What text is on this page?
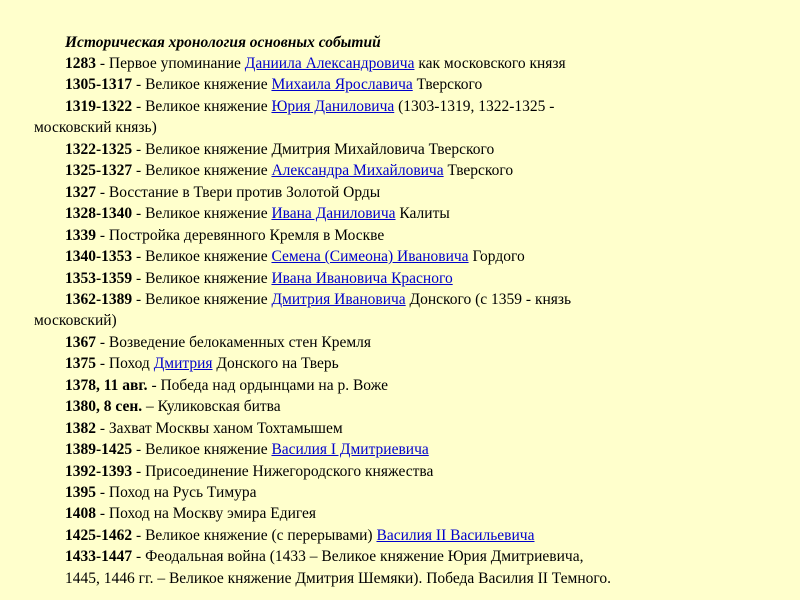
Историческая хронология основных событий
1283 - Первое упоминание Даниила Александровича как московского князя
1305-1317 - Великое княжение Михаила Ярославича Тверского
1319-1322 - Великое княжение Юрия Даниловича (1303-1319, 1322-1325 -
московский князь)
1322-1325 - Великое княжение Дмитрия Михайловича Тверского
1325-1327 - Великое княжение Александра Михайловича Тверского
1327 - Восстание в Твери против Золотой Орды
1328-1340 - Великое княжение Ивана Даниловича Калиты
1339 - Постройка деревянного Кремля в Москве
1340-1353 - Великое княжение Семена (Симеона) Ивановича Гордого
1353-1359 - Великое княжение Ивана Ивановича Красного
1362-1389 - Великое княжение Дмитрия Ивановича Донского (с 1359 - князь
московский)
1367 - Возведение белокаменных стен Кремля
1375 - Поход Дмитрия Донского на Тверь
1378, 11 авг. - Победа над ордынцами на р. Воже
1380, 8 сен. – Куликовская битва
1382 - Захват Москвы ханом Тохтамышем
1389-1425 - Великое княжение Василия I Дмитриевича
1392-1393 - Присоединение Нижегородского княжества
1395 - Поход на Русь Тимура
1408 - Поход на Москву эмира Едигея
1425-1462 - Великое княжение (с перерывами) Василия II Васильевича
1433-1447 - Феодальная война (1433 – Великое княжение Юрия Дмитриевича,
1445, 1446 гг. – Великое княжение Дмитрия Шемяки). Победа Василия II Темного.
